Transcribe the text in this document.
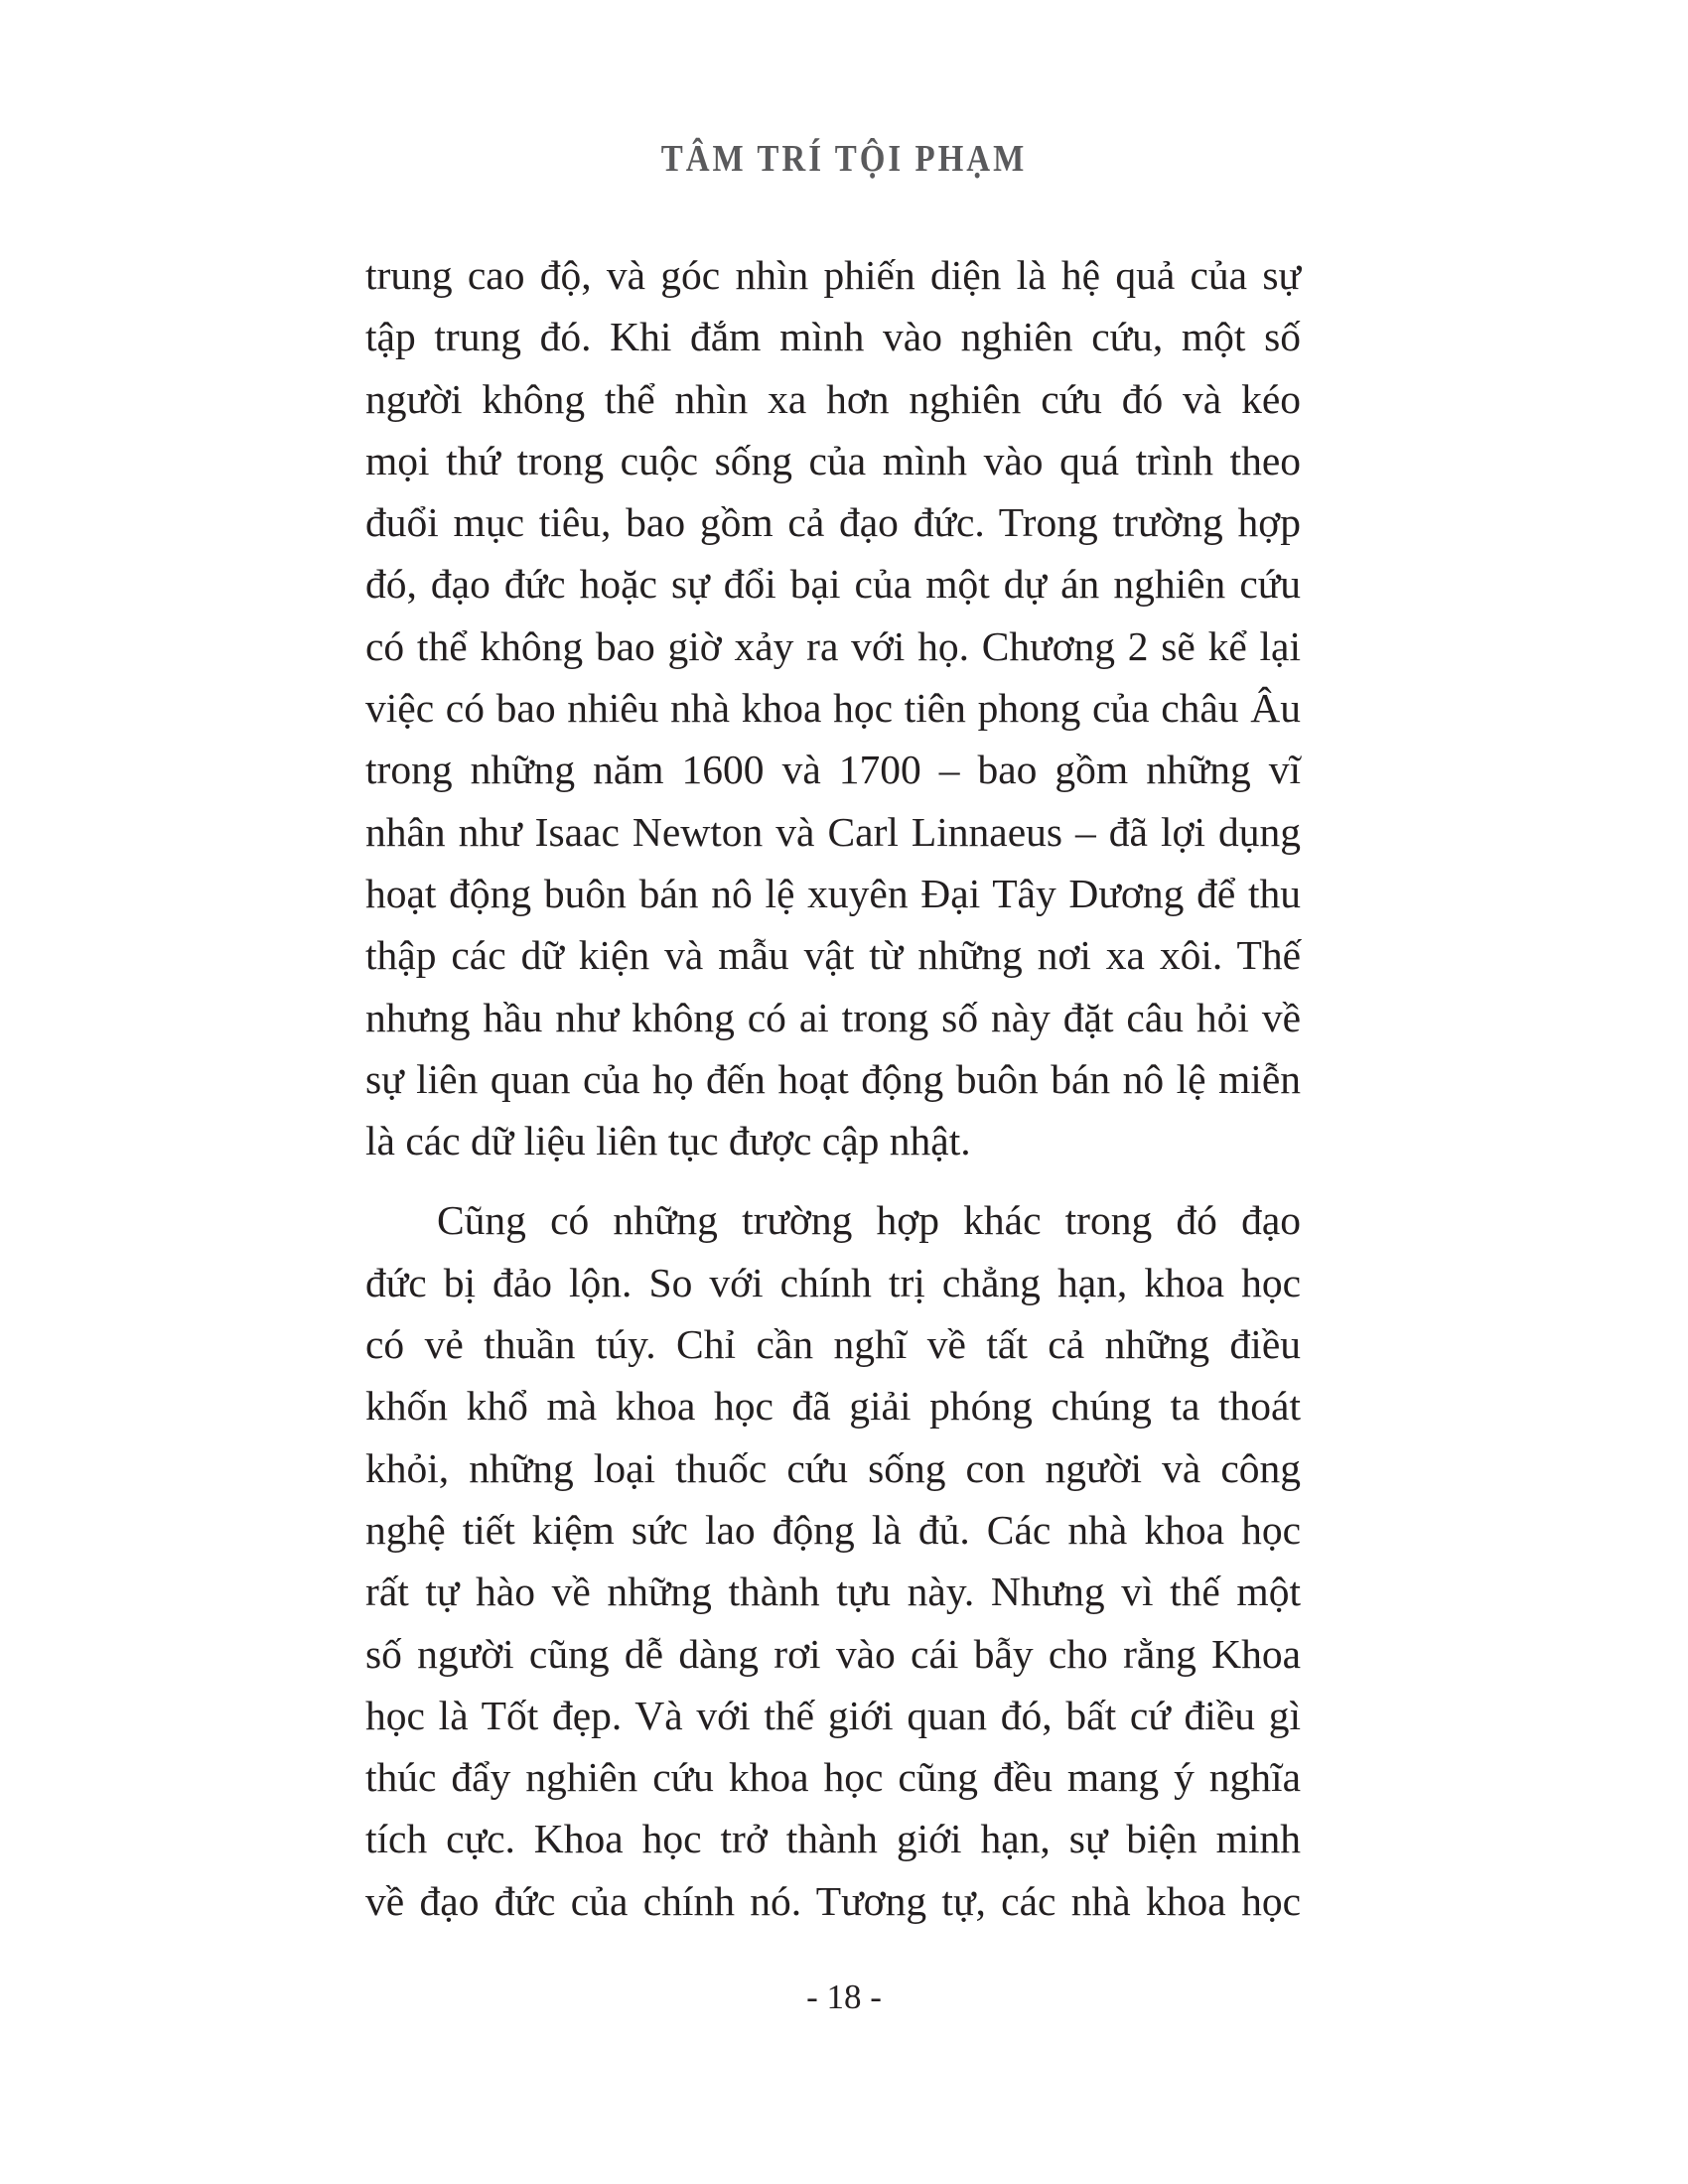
TÂM TRÍ TỘI PHẠM

trung cao độ, và góc nhìn phiến diện là hệ quả của sự
tập trung đó. Khi đắm mình vào nghiên cứu, một số
người không thể nhìn xa hơn nghiên cứu đó và kéo
mọi thứ trong cuộc sống của mình vào quá trình theo
đuổi mục tiêu, bao gồm cả đạo đức. Trong trường hợp
đó, đạo đức hoặc sự đổi bại của một dự án nghiên cứu
có thể không bao giờ xảy ra với họ. Chương 2 sẽ kể lại
việc có bao nhiêu nhà khoa học tiên phong của châu Âu
trong những năm 1600 và 1700 – bao gồm những vĩ
nhân như Isaac Newton và Carl Linnaeus – đã lợi dụng
hoạt động buôn bán nô lệ xuyên Đại Tây Dương để thu
thập các dữ kiện và mẫu vật từ những nơi xa xôi. Thế
nhưng hầu như không có ai trong số này đặt câu hỏi về
sự liên quan của họ đến hoạt động buôn bán nô lệ miễn
là các dữ liệu liên tục được cập nhật.

Cũng có những trường hợp khác trong đó đạo
đức bị đảo lộn. So với chính trị chẳng hạn, khoa học
có vẻ thuần túy. Chỉ cần nghĩ về tất cả những điều
khốn khổ mà khoa học đã giải phóng chúng ta thoát
khỏi, những loại thuốc cứu sống con người và công
nghệ tiết kiệm sức lao động là đủ. Các nhà khoa học
rất tự hào về những thành tựu này. Nhưng vì thế một
số người cũng dễ dàng rơi vào cái bẫy cho rằng Khoa
học là Tốt đẹp. Và với thế giới quan đó, bất cứ điều gì
thúc đẩy nghiên cứu khoa học cũng đều mang ý nghĩa
tích cực. Khoa học trở thành giới hạn, sự biện minh
về đạo đức của chính nó. Tương tự, các nhà khoa học

- 18 -
